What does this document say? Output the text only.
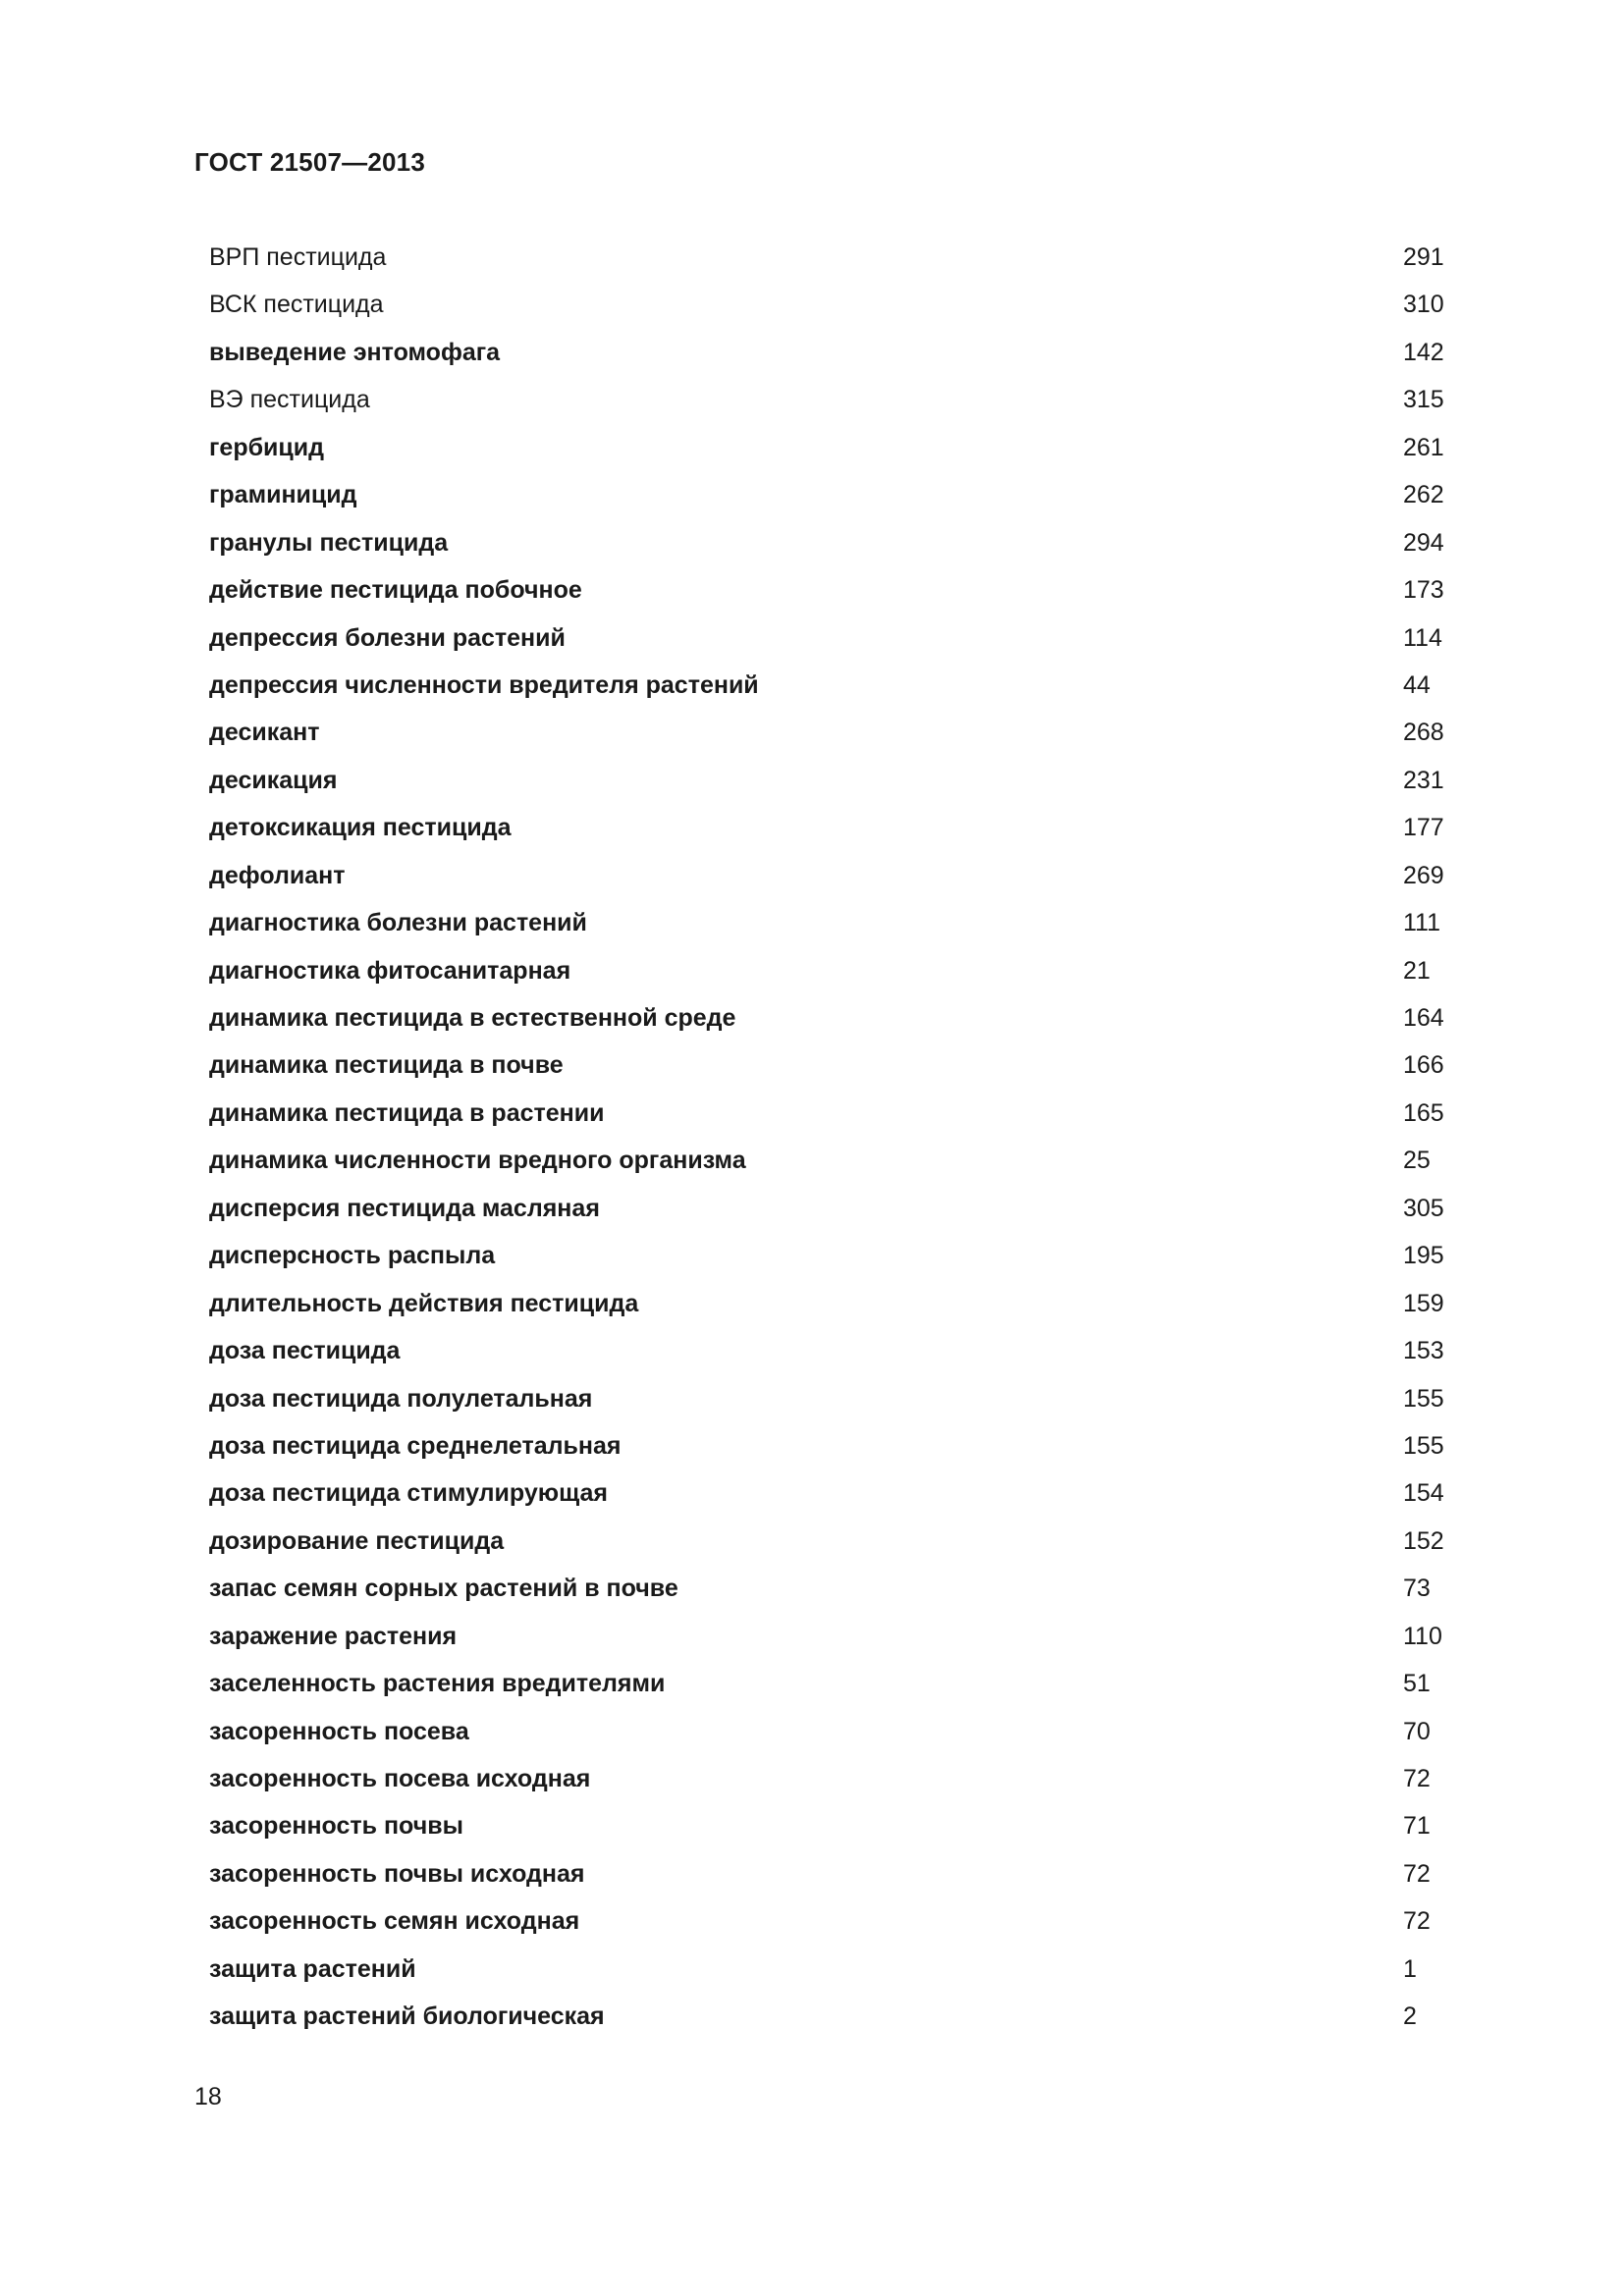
ГОСТ 21507—2013
ВРП пестицида	291
ВСК пестицида	310
выведение энтомофага	142
ВЭ пестицида	315
гербицид	261
граминицид	262
гранулы пестицида	294
действие пестицида побочное	173
депрессия болезни растений	114
депрессия численности вредителя растений	44
десикант	268
десикация	231
детоксикация пестицида	177
дефолиант	269
диагностика болезни растений	111
диагностика фитосанитарная	21
динамика пестицида в естественной среде	164
динамика пестицида в почве	166
динамика пестицида в растении	165
динамика численности вредного организма	25
дисперсия пестицида масляная	305
дисперсность распыла	195
длительность действия пестицида	159
доза пестицида	153
доза пестицида полулетальная	155
доза пестицида среднелетальная	155
доза пестицида стимулирующая	154
дозирование пестицида	152
запас семян сорных растений в почве	73
заражение растения	110
заселенность растения вредителями	51
засоренность посева	70
засоренность посева исходная	72
засоренность почвы	71
засоренность почвы исходная	72
засоренность семян исходная	72
защита растений	1
защита растений биологическая	2
18
